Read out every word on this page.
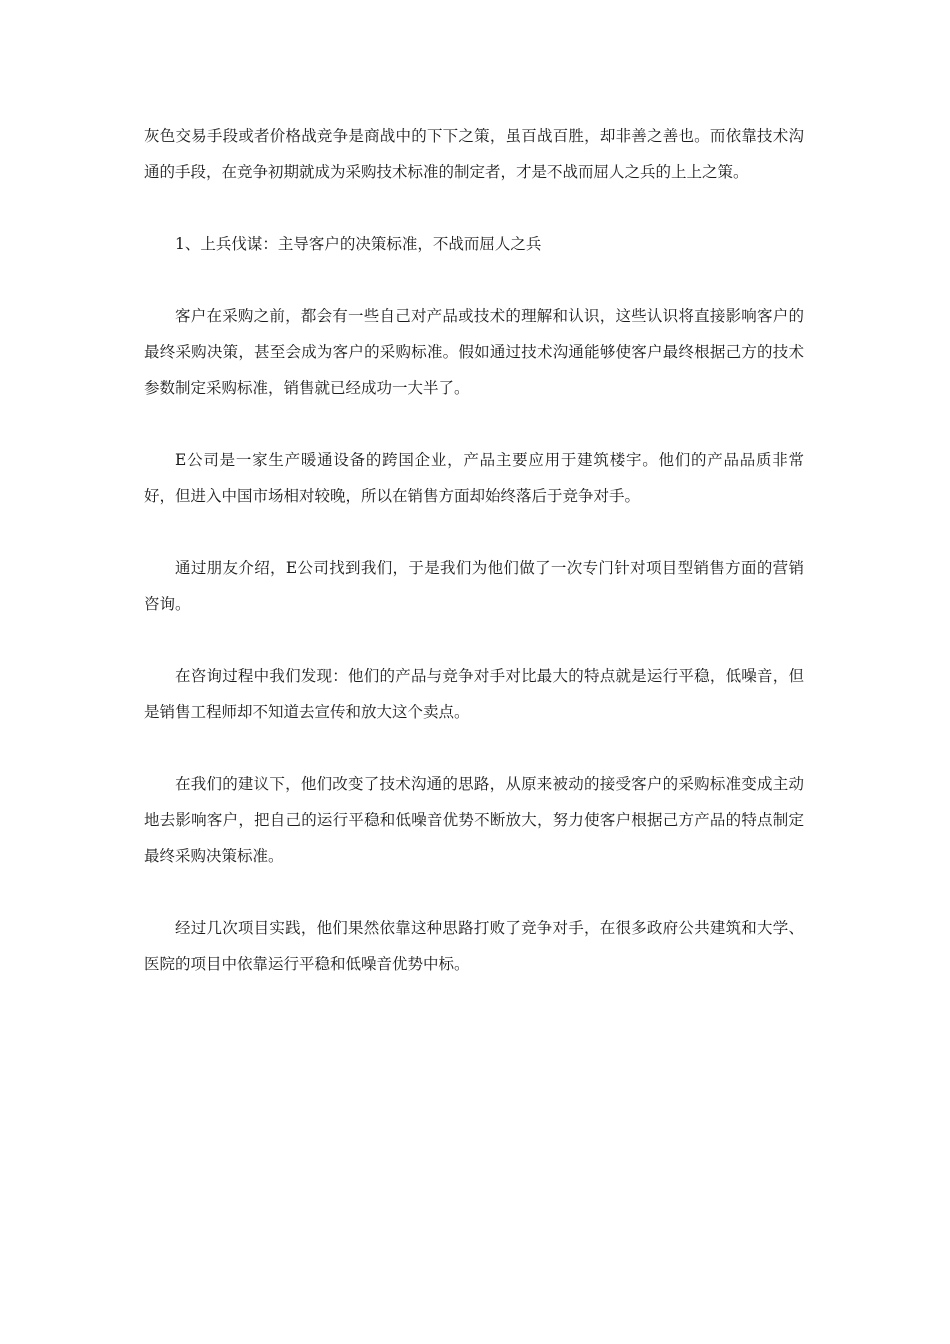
灰色交易手段或者价格战竞争是商战中的下下之策，虽百战百胜，却非善之善也。而依靠技术沟通的手段，在竞争初期就成为采购技术标准的制定者，才是不战而屈人之兵的上上之策。

1、上兵伐谋：主导客户的决策标准，不战而屈人之兵

客户在采购之前，都会有一些自己对产品或技术的理解和认识，这些认识将直接影响客户的最终采购决策，甚至会成为客户的采购标准。假如通过技术沟通能够使客户最终根据己方的技术参数制定采购标准，销售就已经成功一大半了。

E公司是一家生产暖通设备的跨国企业，产品主要应用于建筑楼宇。他们的产品品质非常好，但进入中国市场相对较晚，所以在销售方面却始终落后于竞争对手。

通过朋友介绍，E公司找到我们，于是我们为他们做了一次专门针对项目型销售方面的营销咨询。

在咨询过程中我们发现：他们的产品与竞争对手对比最大的特点就是运行平稳，低噪音，但是销售工程师却不知道去宣传和放大这个卖点。

在我们的建议下，他们改变了技术沟通的思路，从原来被动的接受客户的采购标准变成主动地去影响客户，把自己的运行平稳和低噪音优势不断放大，努力使客户根据己方产品的特点制定最终采购决策标准。

经过几次项目实践，他们果然依靠这种思路打败了竞争对手，在很多政府公共建筑和大学、医院的项目中依靠运行平稳和低噪音优势中标。
